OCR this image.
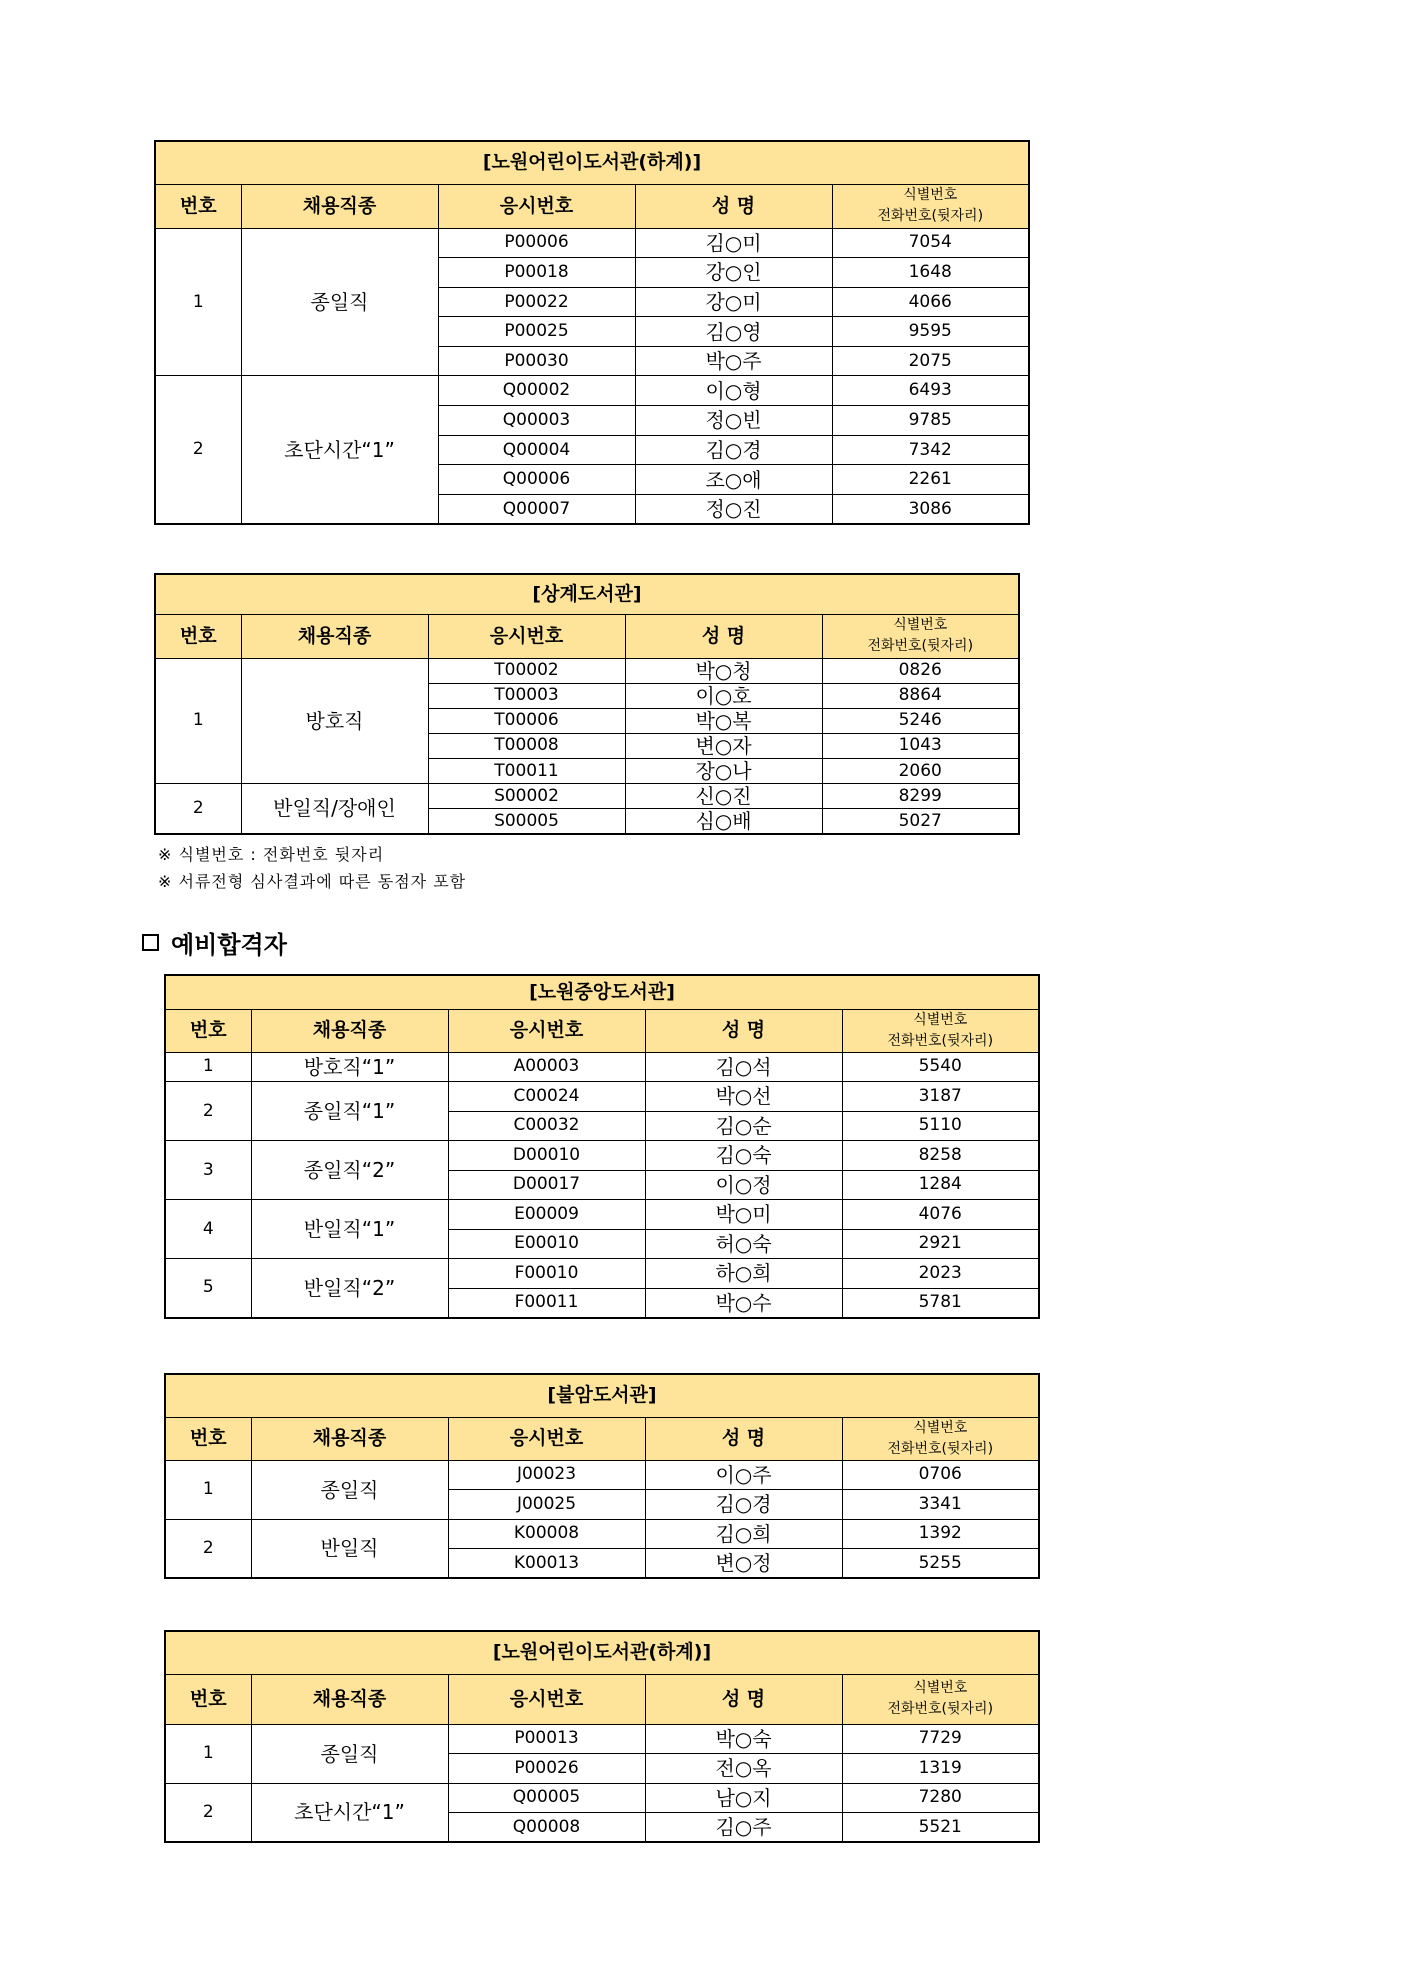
[노원어린이도서관(하계)]				
번호	채용직종	응시번호	성 명	식별번호
전화번호(뒷자리)

1	종일직	P00006	김○미	7054
		P00018	강○인	1648
		P00022	강○미	4066
		P00025	김○영	9595
		P00030	박○주	2075
2	초단시간“1”	Q00002	이○형	6493
		Q00003	정○빈	9785
		Q00004	김○경	7342
		Q00006	조○애	2261
		Q00007	정○진	3086
[상계도서관]				
번호	채용직종	응시번호	성 명	식별번호
전화번호(뒷자리)

1	방호직	T00002	박○청	0826
		T00003	이○호	8864
		T00006	박○복	5246
		T00008	변○자	1043
		T00011	장○나	2060
2	반일직/장애인	S00002	신○진	8299
		S00005	심○배	5027
※ 식별번호 : 전화번호 뒷자리
※ 서류전형 심사결과에 따른 동점자 포함
예비합격자
[노원중앙도서관]				
번호	채용직종	응시번호	성 명	식별번호
전화번호(뒷자리)

1	방호직“1”	A00003	김○석	5540
2	종일직“1”	C00024	박○선	3187
		C00032	김○순	5110
3	종일직“2”	D00010	김○숙	8258
		D00017	이○정	1284
4	반일직“1”	E00009	박○미	4076
		E00010	허○숙	2921
5	반일직“2”	F00010	하○희	2023
		F00011	박○수	5781
[불암도서관]				
번호	채용직종	응시번호	성 명	식별번호
전화번호(뒷자리)

1	종일직	J00023	이○주	0706
		J00025	김○경	3341
2	반일직	K00008	김○희	1392
		K00013	변○정	5255
[노원어린이도서관(하계)]				
번호	채용직종	응시번호	성 명	식별번호
전화번호(뒷자리)

1	종일직	P00013	박○숙	7729
		P00026	전○옥	1319
2	초단시간“1”	Q00005	남○지	7280
		Q00008	김○주	5521
